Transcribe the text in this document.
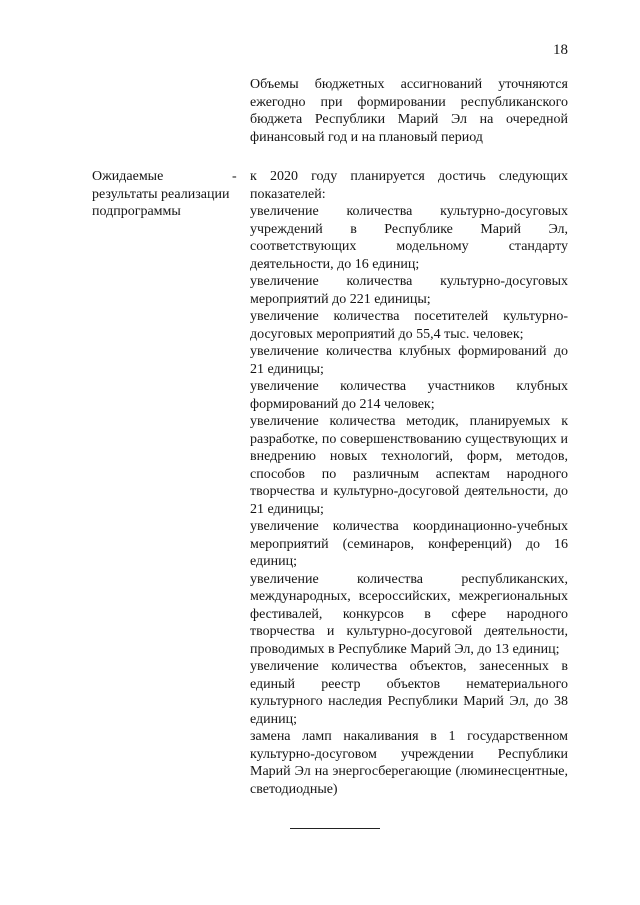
18
Объемы бюджетных ассигнований уточняются ежегодно при формировании республиканского бюджета Республики Марий Эл на очередной финансовый год и на плановый период
Ожидаемые результаты реализации подпрограммы
- к 2020 году планируется достичь следующих показателей:

увеличение количества культурно-досуговых учреждений в Республике Марий Эл, соответствующих модельному стандарту деятельности, до 16 единиц;

увеличение количества культурно-досуговых мероприятий до 221 единицы;

увеличение количества посетителей культурно-досуговых мероприятий до 55,4 тыс. человек;

увеличение количества клубных формирований до 21 единицы;

увеличение количества участников клубных формирований до 214 человек;

увеличение количества методик, планируемых к разработке, по совершенствованию существующих и внедрению новых технологий, форм, методов, способов по различным аспектам народного творчества и культурно-досуговой деятельности, до 21 единицы;

увеличение количества координационно-учебных мероприятий (семинаров, конференций) до 16 единиц;

увеличение количества республиканских, международных, всероссийских, межрегиональных фестивалей, конкурсов в сфере народного творчества и культурно-досуговой деятельности, проводимых в Республике Марий Эл, до 13 единиц;

увеличение количества объектов, занесенных в единый реестр объектов нематериального культурного наследия Республики Марий Эл, до 38 единиц;

замена ламп накаливания в 1 государственном культурно-досуговом учреждении Республики Марий Эл на энергосберегающие (люминесцентные, светодиодные)
